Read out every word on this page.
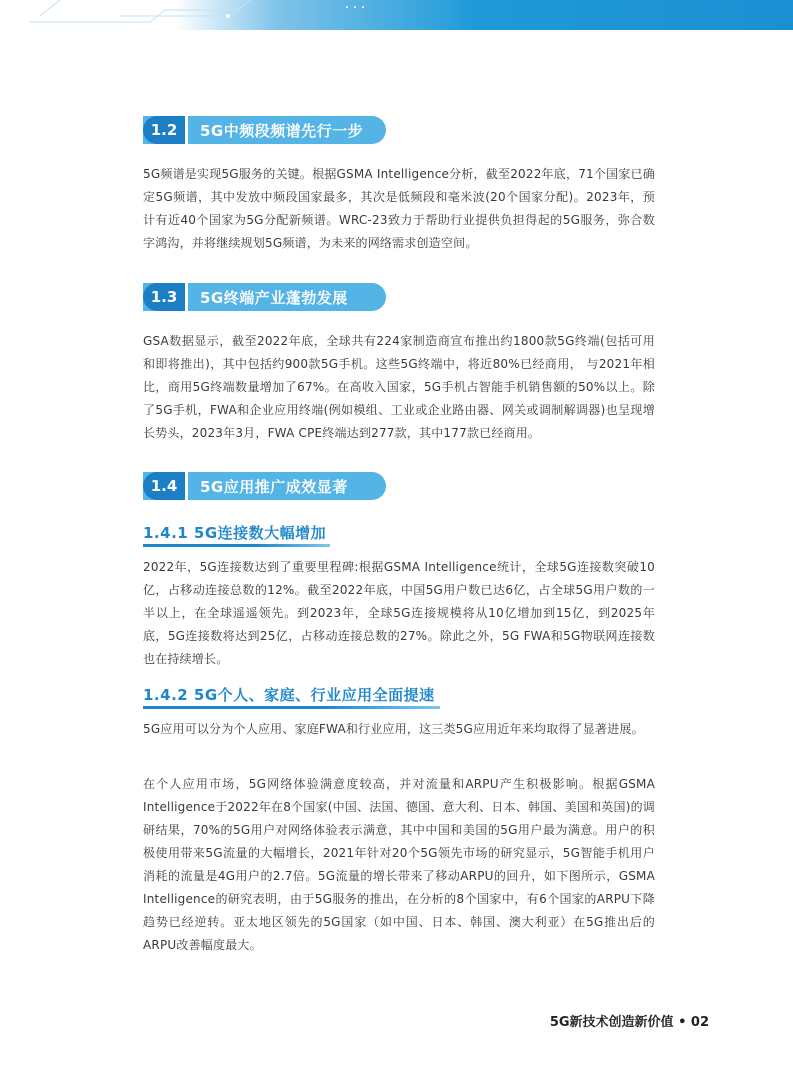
1.2	5G中频段频谱先行一步
5G频谱是实现5G服务的关键。根据GSMA Intelligence分析，截至2022年底，71个国家已确定5G频谱，其中发放中频段国家最多，其次是低频段和毫米波(20个国家分配)。2023年，预计有近40个国家为5G分配新频谱。WRC-23致力于帮助行业提供负担得起的5G服务，弥合数字鸿沟，并将继续规划5G频谱，为未来的网络需求创造空间。
1.3	5G终端产业蓬勃发展
GSA数据显示，截至2022年底，全球共有224家制造商宣布推出约1800款5G终端(包括可用和即将推出)，其中包括约900款5G手机。这些5G终端中，将近80%已经商用， 与2021年相比，商用5G终端数量增加了67%。在高收入国家，5G手机占智能手机销售额的50%以上。除了5G手机，FWA和企业应用终端(例如模组、工业或企业路由器、网关或调制解调器)也呈现增长势头，2023年3月，FWA CPE终端达到277款，其中177款已经商用。
1.4	5G应用推广成效显著
1.4.1 5G连接数大幅增加
2022年，5G连接数达到了重要里程碑:根据GSMA Intelligence统计，全球5G连接数突破10亿，占移动连接总数的12%。截至2022年底，中国5G用户数已达6亿，占全球5G用户数的一半以上，在全球遥遥领先。到2023年，全球5G连接规模将从10亿增加到15亿，到2025年底，5G连接数将达到25亿，占移动连接总数的27%。除此之外，5G FWA和5G物联网连接数也在持续增长。
1.4.2 5G个人、家庭、行业应用全面提速
5G应用可以分为个人应用、家庭FWA和行业应用，这三类5G应用近年来均取得了显著进展。
在个人应用市场，5G网络体验满意度较高，并对流量和ARPU产生积极影响。根据GSMA Intelligence于2022年在8个国家(中国、法国、德国、意大利、日本、韩国、美国和英国)的调研结果，70%的5G用户对网络体验表示满意，其中中国和美国的5G用户最为满意。用户的积极使用带来5G流量的大幅增长，2021年针对20个5G领先市场的研究显示，5G智能手机用户消耗的流量是4G用户的2.7倍。5G流量的增长带来了移动ARPU的回升，如下图所示，GSMA Intelligence的研究表明，由于5G服务的推出，在分析的8个国家中，有6个国家的ARPU下降趋势已经逆转。亚太地区领先的5G国家（如中国、日本、韩国、澳大利亚）在5G推出后的ARPU改善幅度最大。
5G新技术创造新价值 • 02
